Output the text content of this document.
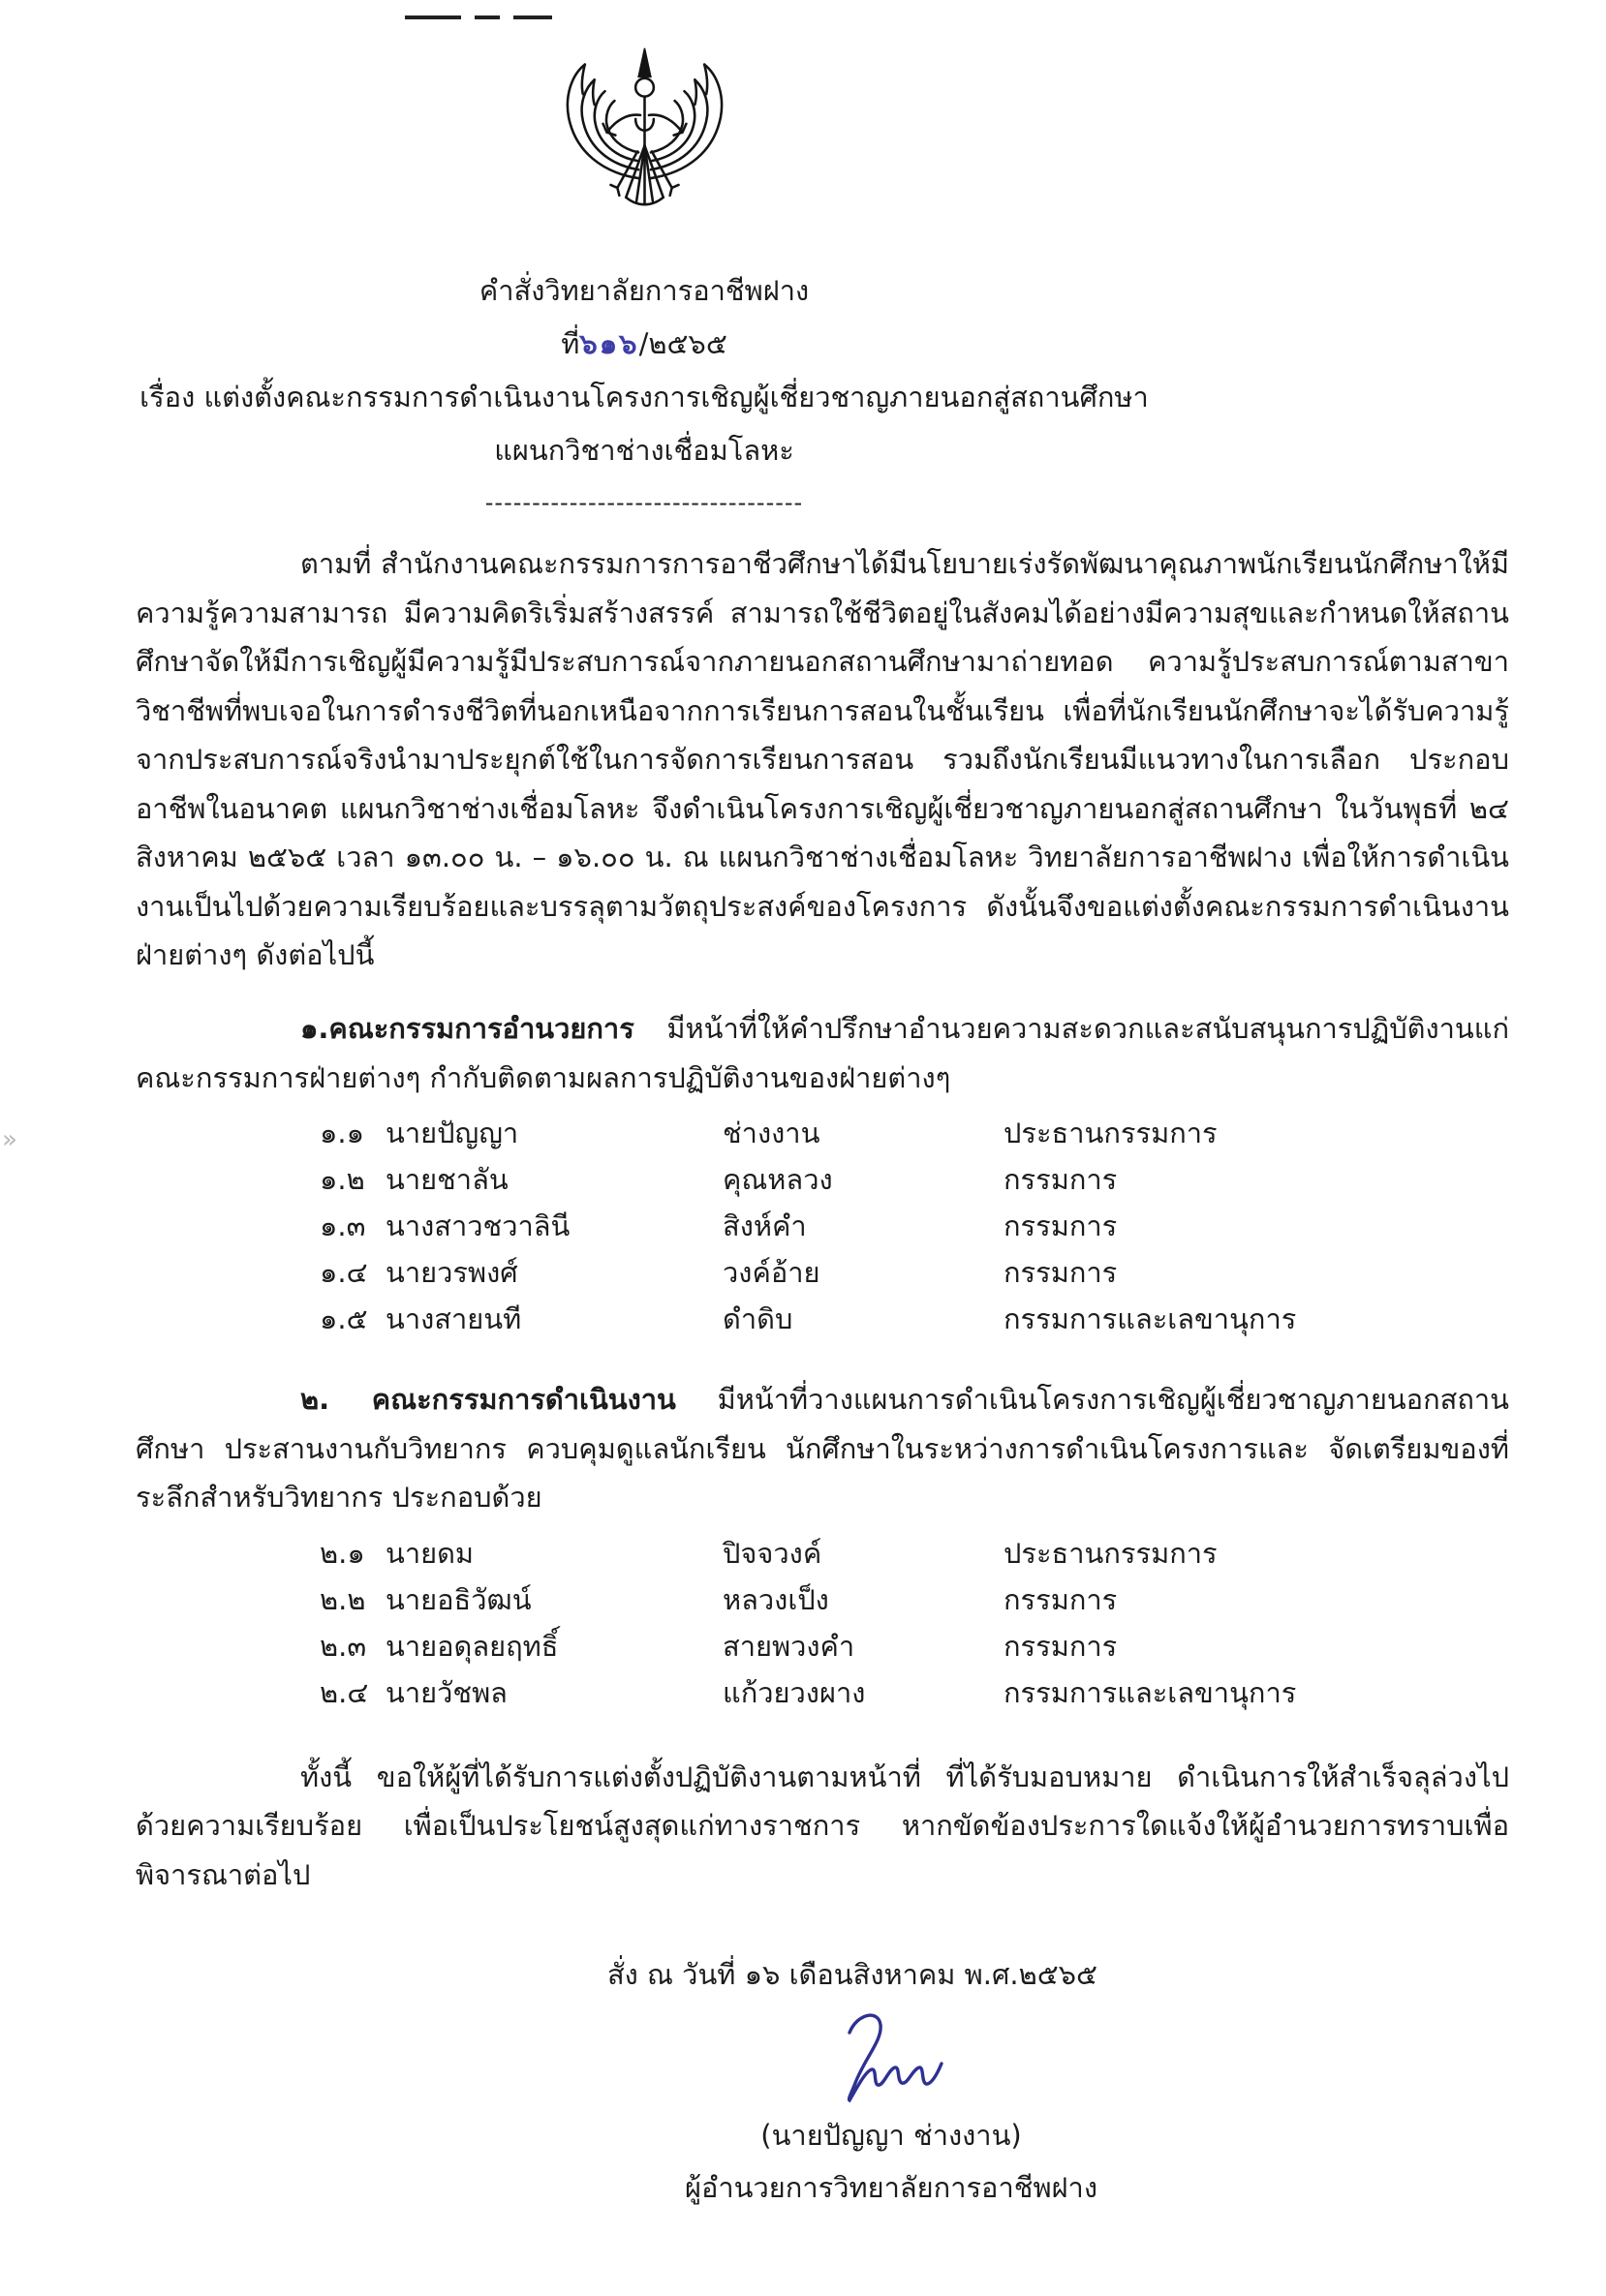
»

คำสั่งวิทยาลัยการอาชีพฝาง

ที่๖๑๖/๒๕๖๕

เรื่อง แต่งตั้งคณะกรรมการดำเนินงานโครงการเชิญผู้เชี่ยวชาญภายนอกสู่สถานศึกษา

แผนกวิชาช่างเชื่อมโลหะ

----------------------------------

ตามที่ สำนักงานคณะกรรมการการอาชีวศึกษาได้มีนโยบายเร่งรัดพัฒนาคุณภาพนักเรียนนักศึกษาให้มีความรู้ความสามารถ มีความคิดริเริ่มสร้างสรรค์ สามารถใช้ชีวิตอยู่ในสังคมได้อย่างมีความสุขและกำหนดให้สถานศึกษาจัดให้มีการเชิญผู้มีความรู้มีประสบการณ์จากภายนอกสถานศึกษามาถ่ายทอด ความรู้ประสบการณ์ตามสาขาวิชาชีพที่พบเจอในการดำรงชีวิตที่นอกเหนือจากการเรียนการสอนในชั้นเรียน เพื่อที่นักเรียนนักศึกษาจะได้รับความรู้จากประสบการณ์จริงนำมาประยุกต์ใช้ในการจัดการเรียนการสอน รวมถึงนักเรียนมีแนวทางในการเลือก ประกอบอาชีพในอนาคต แผนกวิชาช่างเชื่อมโลหะ จึงดำเนินโครงการเชิญผู้เชี่ยวชาญภายนอกสู่สถานศึกษา ในวันพุธที่ ๒๔ สิงหาคม ๒๕๖๕ เวลา ๑๓.๐๐ น. – ๑๖.๐๐ น. ณ แผนกวิชาช่างเชื่อมโลหะ วิทยาลัยการอาชีพฝาง เพื่อให้การดำเนินงานเป็นไปด้วยความเรียบร้อยและบรรลุตามวัตถุประสงค์ของโครงการ ดังนั้นจึงขอแต่งตั้งคณะกรรมการดำเนินงานฝ่ายต่างๆ ดังต่อไปนี้

๑.คณะกรรมการอำนวยการ มีหน้าที่ให้คำปรึกษาอำนวยความสะดวกและสนับสนุนการปฏิบัติงานแก่คณะกรรมการฝ่ายต่างๆ กำกับติดตามผลการปฏิบัติงานของฝ่ายต่างๆ

๑.๑ นายปัญญา	ช่างงาน	ประธานกรรมการ
๑.๒ นายชาลัน	คุณหลวง	กรรมการ
๑.๓ นางสาวชวาลินี	สิงห์คำ	กรรมการ
๑.๔ นายวรพงศ์	วงค์อ้าย	กรรมการ
๑.๕ นางสายนที	ดำดิบ	กรรมการและเลขานุการ

๒. คณะกรรมการดำเนินงาน มีหน้าที่วางแผนการดำเนินโครงการเชิญผู้เชี่ยวชาญภายนอกสถานศึกษา ประสานงานกับวิทยากร ควบคุมดูแลนักเรียน นักศึกษาในระหว่างการดำเนินโครงการและ จัดเตรียมของที่ระลึกสำหรับวิทยากร ประกอบด้วย

๒.๑ นายดม	ปิจจวงค์	ประธานกรรมการ
๒.๒ นายอธิวัฒน์	หลวงเป็ง	กรรมการ
๒.๓ นายอดุลยฤทธิ์	สายพวงคำ	กรรมการ
๒.๔ นายวัชพล	แก้วยวงผาง	กรรมการและเลขานุการ

ทั้งนี้ ขอให้ผู้ที่ได้รับการแต่งตั้งปฏิบัติงานตามหน้าที่ ที่ได้รับมอบหมาย ดำเนินการให้สำเร็จลุล่วงไปด้วยความเรียบร้อย เพื่อเป็นประโยชน์สูงสุดแก่ทางราชการ หากขัดข้องประการใดแจ้งให้ผู้อำนวยการทราบเพื่อพิจารณาต่อไป

สั่ง ณ วันที่ ๑๖ เดือนสิงหาคม พ.ศ.๒๕๖๕

(นายปัญญา ช่างงาน)

ผู้อำนวยการวิทยาลัยการอาชีพฝาง
